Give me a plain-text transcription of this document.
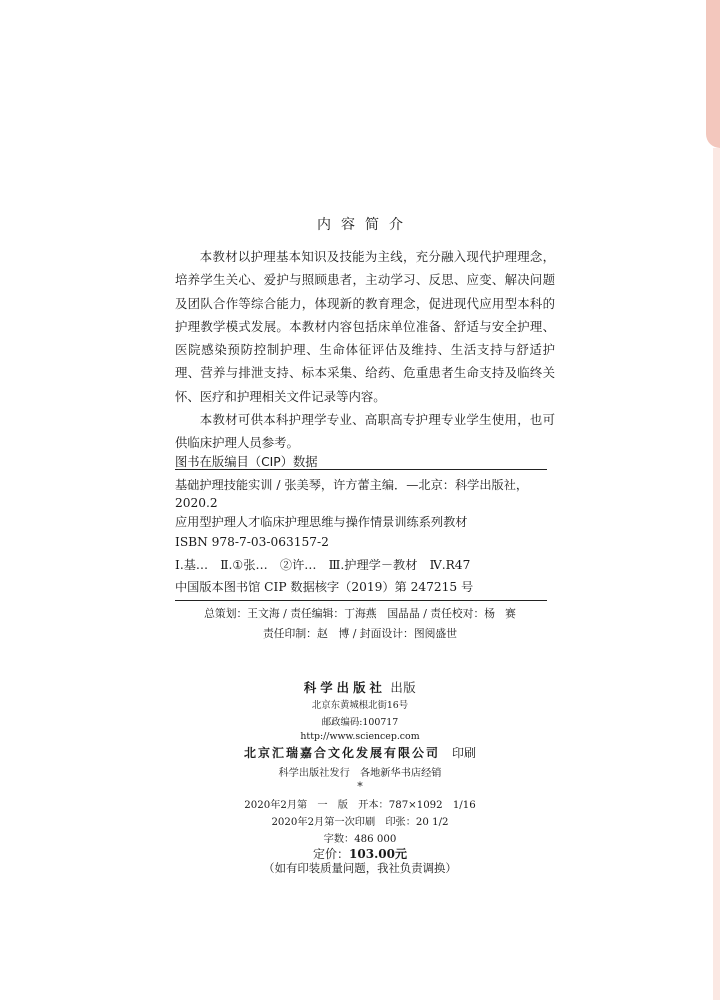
内容简介

本教材以护理基本知识及技能为主线，充分融入现代护理理念，培养学生关心、爱护与照顾患者，主动学习、反思、应变、解决问题及团队合作等综合能力，体现新的教育理念，促进现代应用型本科的护理教学模式发展。本教材内容包括床单位准备、舒适与安全护理、医院感染预防控制护理、生命体征评估及维持、生活支持与舒适护理、营养与排泄支持、标本采集、给药、危重患者生命支持及临终关怀、医疗和护理相关文件记录等内容。

本教材可供本科护理学专业、高职高专护理专业学生使用，也可供临床护理人员参考。

图书在版编目（CIP）数据
基础护理技能实训 / 张美琴，许方蕾主编．—北京：科学出版社，
2020.2
应用型护理人才临床护理思维与操作情景训练系列教材
ISBN 978-7-03-063157-2
Ⅰ.基…　Ⅱ.①张…　②许…　Ⅲ.护理学－教材　Ⅳ.R47
中国版本图书馆 CIP 数据核字（2019）第 247215 号
总策划：王文海 / 责任编辑：丁海燕　国晶晶 / 责任校对：杨 赛
责任印制：赵　博 / 封面设计：图阅盛世
科学出版社 出版
北京东黄城根北街16号
邮政编码:100717
http://www.sciencep.com
北京汇瑞嘉合文化发展有限公司　 印刷
科学出版社发行　各地新华书店经销
*
2020年2月第　一　版　开本：787×1092　1/16
2020年2月第一次印刷　印张：20 1/2
字数：486 000
定价：103.00元
（如有印装质量问题，我社负责调换）
